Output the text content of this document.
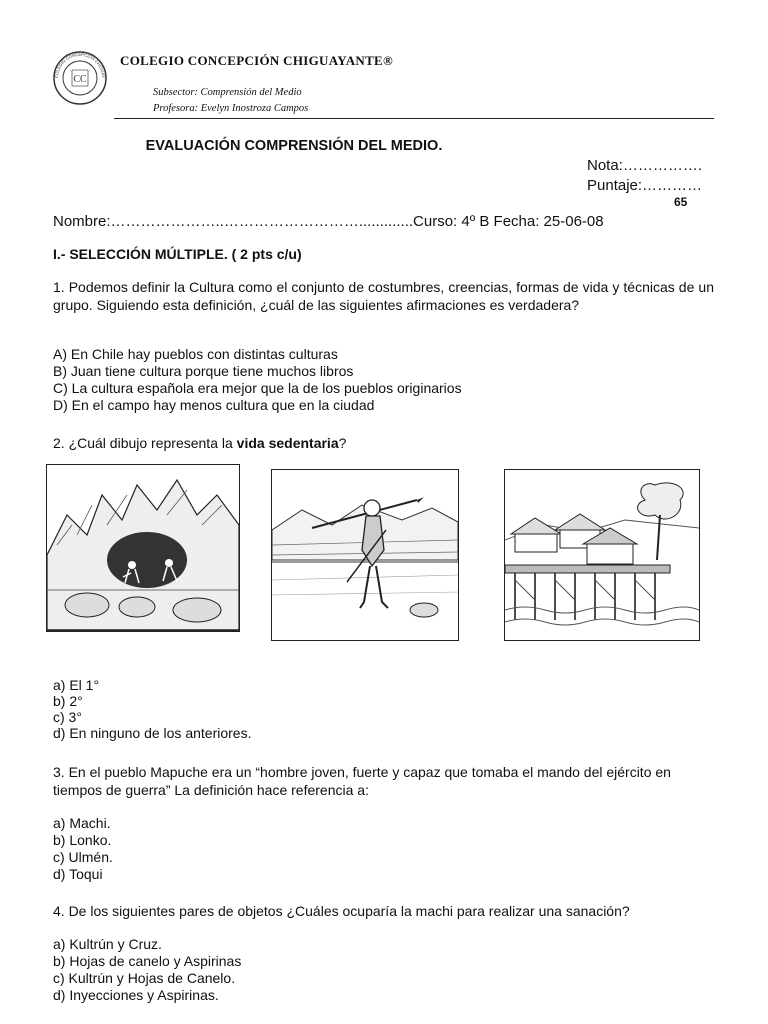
CC
COLEGIO CONCEPCIÓN CHIGUAY
COLEGIO CONCEPCIÓN CHIGUAYANTE®
Subsector: Comprensión del Medio
Profesora: Evelyn Inostroza Campos
EVALUACIÓN COMPRENSIÓN DEL MEDIO.
Nota:…………….
Puntaje:…………
65
Nombre:…………………..……………………….............Curso: 4º B Fecha: 25-06-08
I.- SELECCIÓN MÚLTIPLE. ( 2 pts c/u)
1. Podemos definir la Cultura como el conjunto de costumbres, creencias, formas de vida y técnicas de un grupo. Siguiendo esta definición, ¿cuál de las siguientes afirmaciones es verdadera?
A) En Chile hay pueblos con distintas culturas
B) Juan tiene cultura porque tiene muchos libros
C) La cultura española era mejor que la de los pueblos originarios
D) En el campo hay menos cultura que en la ciudad
2. ¿Cuál dibujo representa la vida sedentaria?
a) El 1°
b) 2°
c) 3°
d) En ninguno de los anteriores.
3. En el pueblo Mapuche era un “hombre joven, fuerte y capaz que tomaba el mando del ejército en tiempos de guerra” La definición hace referencia a:
a) Machi.
b) Lonko.
c) Ulmén.
d) Toqui
4. De los siguientes pares de objetos ¿Cuáles ocuparía la machi para realizar una sanación?
a) Kultrún y Cruz.
b) Hojas de canelo y Aspirinas
c) Kultrún y Hojas de Canelo.
d) Inyecciones y Aspirinas.
